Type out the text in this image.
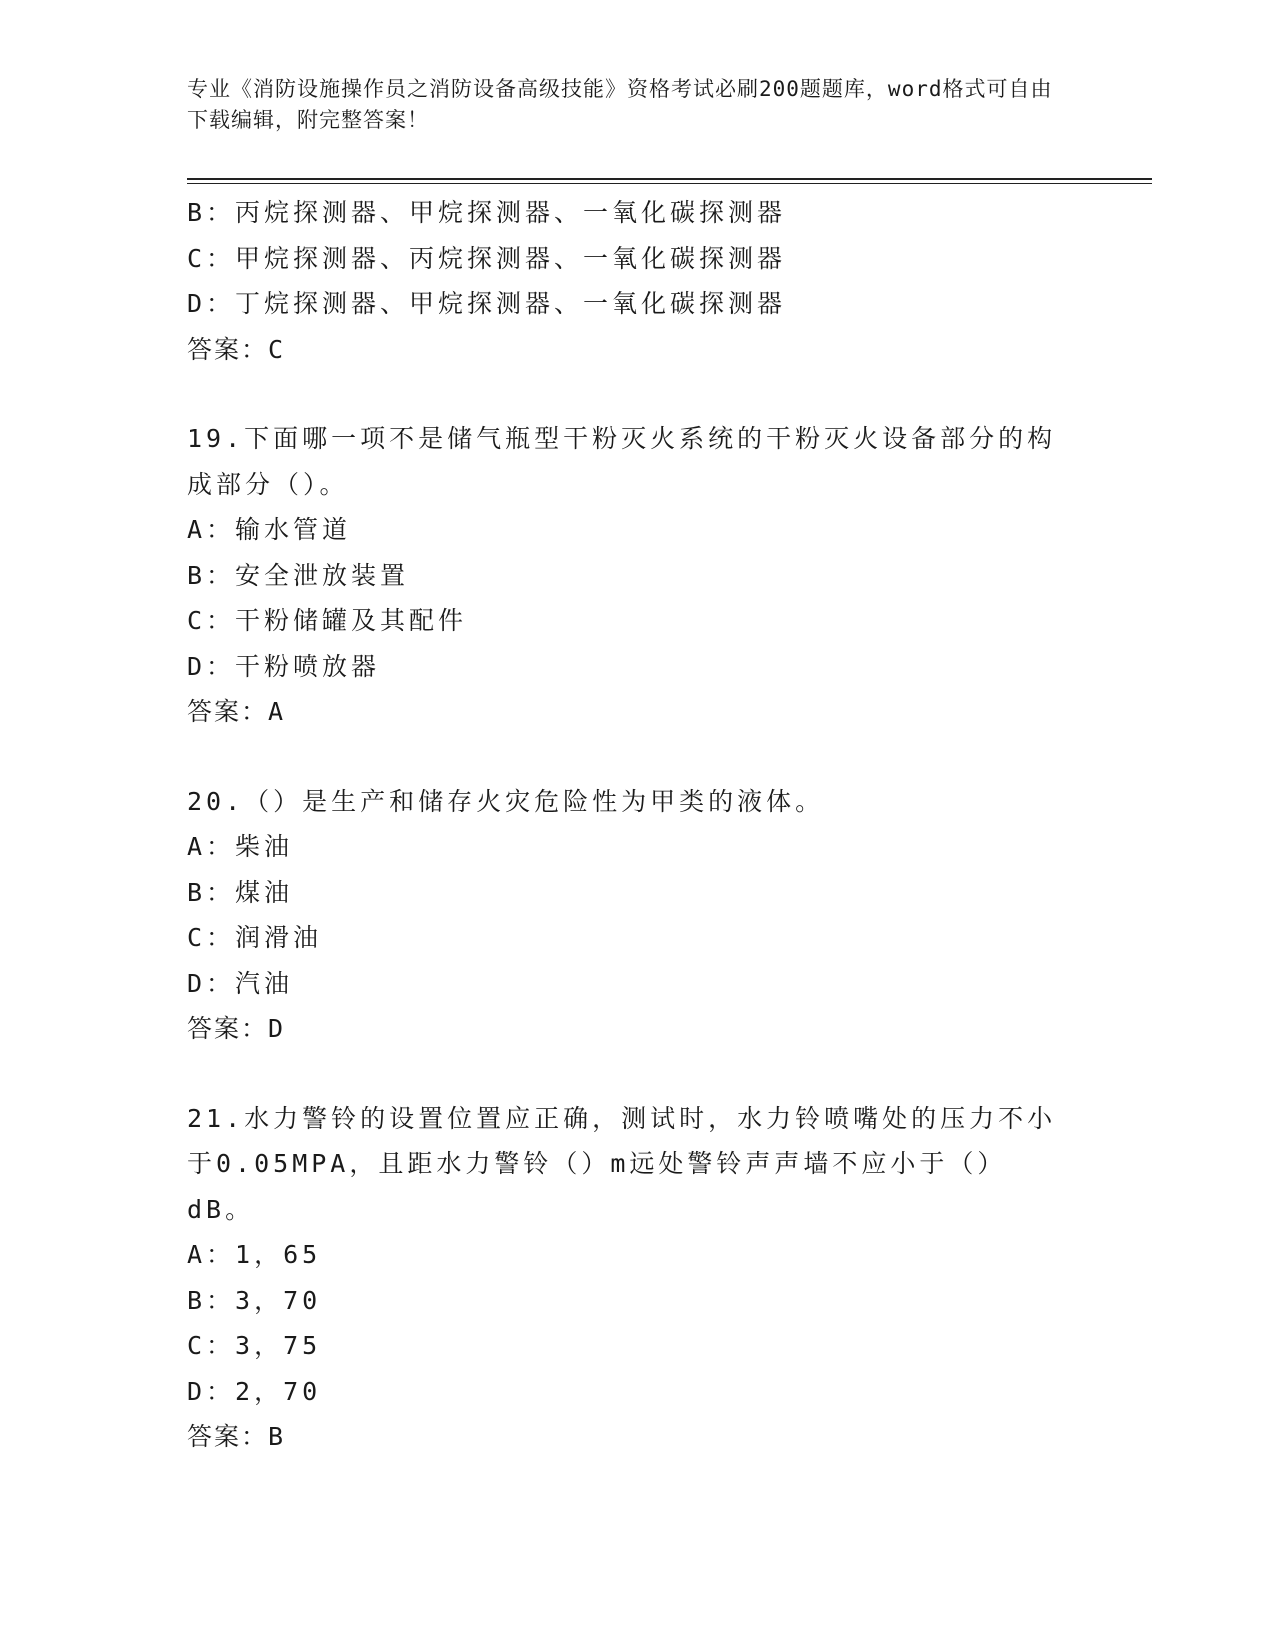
专业《消防设施操作员之消防设备高级技能》资格考试必刷200题题库，word格式可自由下载编辑，附完整答案！
B：丙烷探测器、甲烷探测器、一氧化碳探测器
C：甲烷探测器、丙烷探测器、一氧化碳探测器
D：丁烷探测器、甲烷探测器、一氧化碳探测器
答案：C
19.下面哪一项不是储气瓶型干粉灭火系统的干粉灭火设备部分的构成部分（）。
A：输水管道
B：安全泄放装置
C：干粉储罐及其配件
D：干粉喷放器
答案：A
20.（）是生产和储存火灾危险性为甲类的液体。
A：柴油
B：煤油
C：润滑油
D：汽油
答案：D
21.水力警铃的设置位置应正确，测试时，水力铃喷嘴处的压力不小于0.05MPA，且距水力警铃（）m远处警铃声声墙不应小于（）dB。
A：1，65
B：3，70
C：3，75
D：2，70
答案：B
